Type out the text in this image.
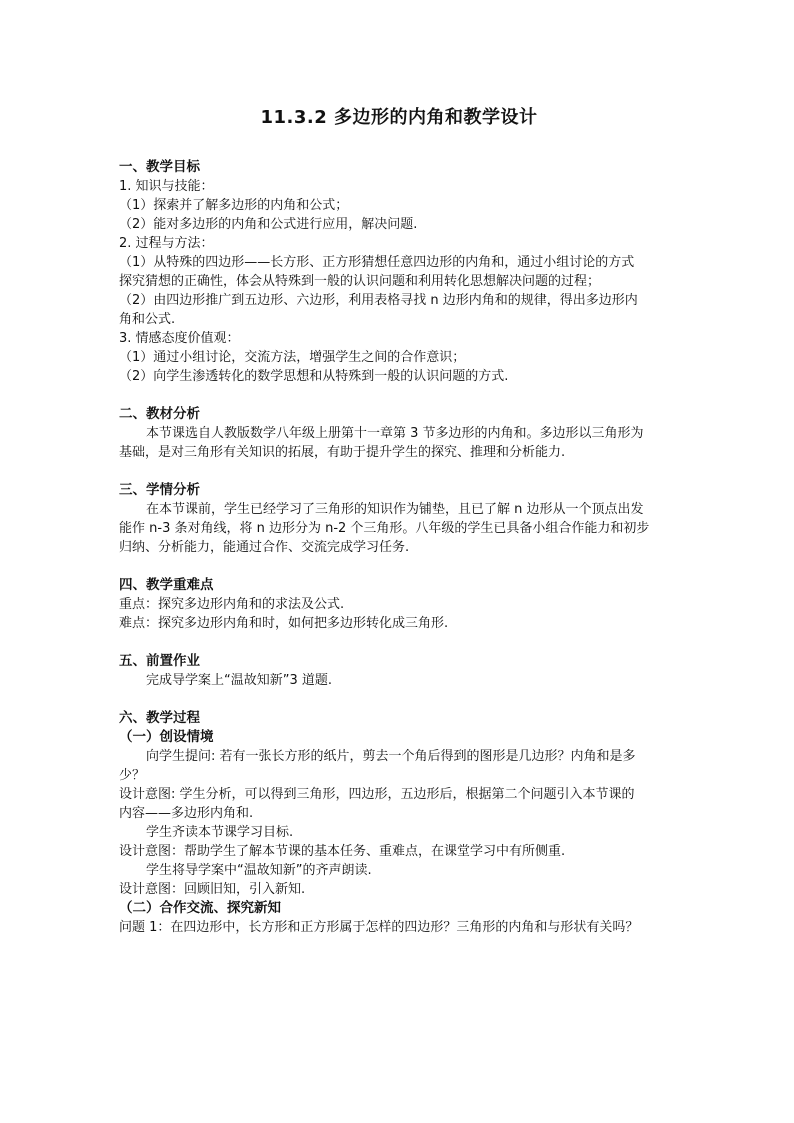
11.3.2 多边形的内角和教学设计

一、教学目标

1. 知识与技能：

（1）探索并了解多边形的内角和公式；

（2）能对多边形的内角和公式进行应用，解决问题.

2. 过程与方法：

（1）从特殊的四边形——长方形、正方形猜想任意四边形的内角和，通过小组讨论的方式

探究猜想的正确性，体会从特殊到一般的认识问题和利用转化思想解决问题的过程；

（2）由四边形推广到五边形、六边形，利用表格寻找 n 边形内角和的规律，得出多边形内

角和公式.

3. 情感态度价值观：

（1）通过小组讨论，交流方法，增强学生之间的合作意识；

（2）向学生渗透转化的数学思想和从特殊到一般的认识问题的方式.

二、教材分析

本节课选自人教版数学八年级上册第十一章第 3 节多边形的内角和。多边形以三角形为

基础，是对三角形有关知识的拓展，有助于提升学生的探究、推理和分析能力.

三、学情分析

在本节课前，学生已经学习了三角形的知识作为铺垫，且已了解 n 边形从一个顶点出发

能作 n-3 条对角线，将 n 边形分为 n-2 个三角形。八年级的学生已具备小组合作能力和初步

归纳、分析能力，能通过合作、交流完成学习任务.

四、教学重难点

重点：探究多边形内角和的求法及公式.

难点：探究多边形内角和时，如何把多边形转化成三角形.

五、前置作业

完成导学案上“温故知新”3 道题.

六、教学过程

（一）创设情境

向学生提问: 若有一张长方形的纸片，剪去一个角后得到的图形是几边形？内角和是多

少？

设计意图: 学生分析，可以得到三角形，四边形，五边形后，根据第二个问题引入本节课的

内容——多边形内角和.

学生齐读本节课学习目标.

设计意图：帮助学生了解本节课的基本任务、重难点，在课堂学习中有所侧重.

学生将导学案中“温故知新”的齐声朗读.

设计意图：回顾旧知，引入新知.

（二）合作交流、探究新知

问题 1：在四边形中，长方形和正方形属于怎样的四边形？三角形的内角和与形状有关吗？
